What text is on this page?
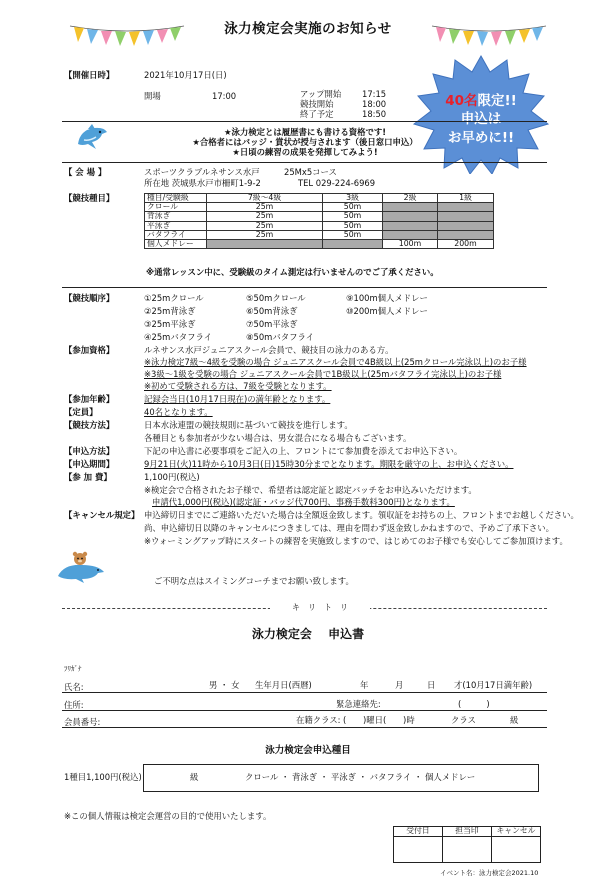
泳力検定会実施のお知らせ
【開催日時】	2021年10月17日(日)
開場	17:00	アップ開始 17:15
競技開始	18:00
終了予定	18:50
40名限定!!
申込は
お早めに!!
★泳力検定とは履歴書にも書ける資格です!
★合格者にはバッジ・賞状が授与されます（後日窓口申込）
★日頃の練習の成果を発揮してみよう!
【 会 場 】	スポーツクラブルネサンス水戸	25Mx5コース
所在地 茨城県水戸市柵町1-9-2	TEL 029-224-6969
【競技種目】	種目/受験級	7級～4級	3級	2級	1級
クロール	25m	50m		
背泳ぎ	25m	50m		
平泳ぎ	25m	50m		
バタフライ	25m	50m		
個人メドレー			100m	200m
※通常レッスン中に、受験級のタイム測定は行いませんのでご了承ください。
【競技順序】	①25mクロール	⑤50mクロール	⑨100m個人メドレー
②25m背泳ぎ	⑥50m背泳ぎ	⑩200m個人メドレー
③25m平泳ぎ	⑦50m平泳ぎ
④25mバタフライ	⑧50mバタフライ
【参加資格】	ルネサンス水戸ジュニアスクール会員で、競技目の泳力のある方。
※泳力検定7級～4級を受験の場合 ジュニアスクール会員で4B級以上(25mクロール完泳以上)のお子様
※3級～1級を受験の場合 ジュニアスクール会員で1B級以上(25mバタフライ完泳以上)のお子様
※初めて受験される方は、7級を受験となります。
【参加年齢】	記録会当日(10月17日現在)の満年齢となります。
【定員】	40名となります。
【競技方法】	日本水泳連盟の競技規則に基づいて競技を進行します。
各種目とも参加者が少ない場合は、男女混合になる場合もございます。
【申込方法】	下記の申込書に必要事項をご記入の上、フロントにて参加費を添えてお申込下さい。
【申込期間】	9月21日(火)11時から10月3日(日)15時30分までとなります。期限を厳守の上、お申込ください。
【参 加 費】	1,100円(税込)
※検定会で合格されたお子様で、希望者は認定証と認定バッチをお申込みいただけます。
申請代1,000円(税込)(認定証・バッジ代700円、事務手数料300円)となります。
【キャンセル規定】 申込締切日までにご連絡いただいた場合は全額返金致します。領収証をお持ちの上、フロントまでお越しください。
尚、申込締切日以降のキャンセルにつきましては、理由を問わず返金致しかねますので、予めご了承下さい。
※ウォーミングアップ時にスタートの練習を実施致しますので、はじめてのお子様でも安心してご参加頂けます。
ご不明な点はスイミングコーチまでお願い致します。
キ　リ　ト　リ
泳力検定会　 申込書
ﾌﾘｶﾞﾅ
氏名:	男 ・ 女 生年月日(西暦)	年	月	日 才(10月17日満年齢)
住所:	緊急連絡先:	(　　　)
会員番号:	在籍クラス: (　　)曜日(　　)時	クラス	級
泳力検定会申込種目
1種目1,100円(税込)	級	クロール ・ 背泳ぎ ・ 平泳ぎ ・ バタフライ ・ 個人メドレー
※この個人情報は検定会運営の目的で使用いたします。
受付日	担当印	キャンセル

イベント名：泳力検定会2021.10
